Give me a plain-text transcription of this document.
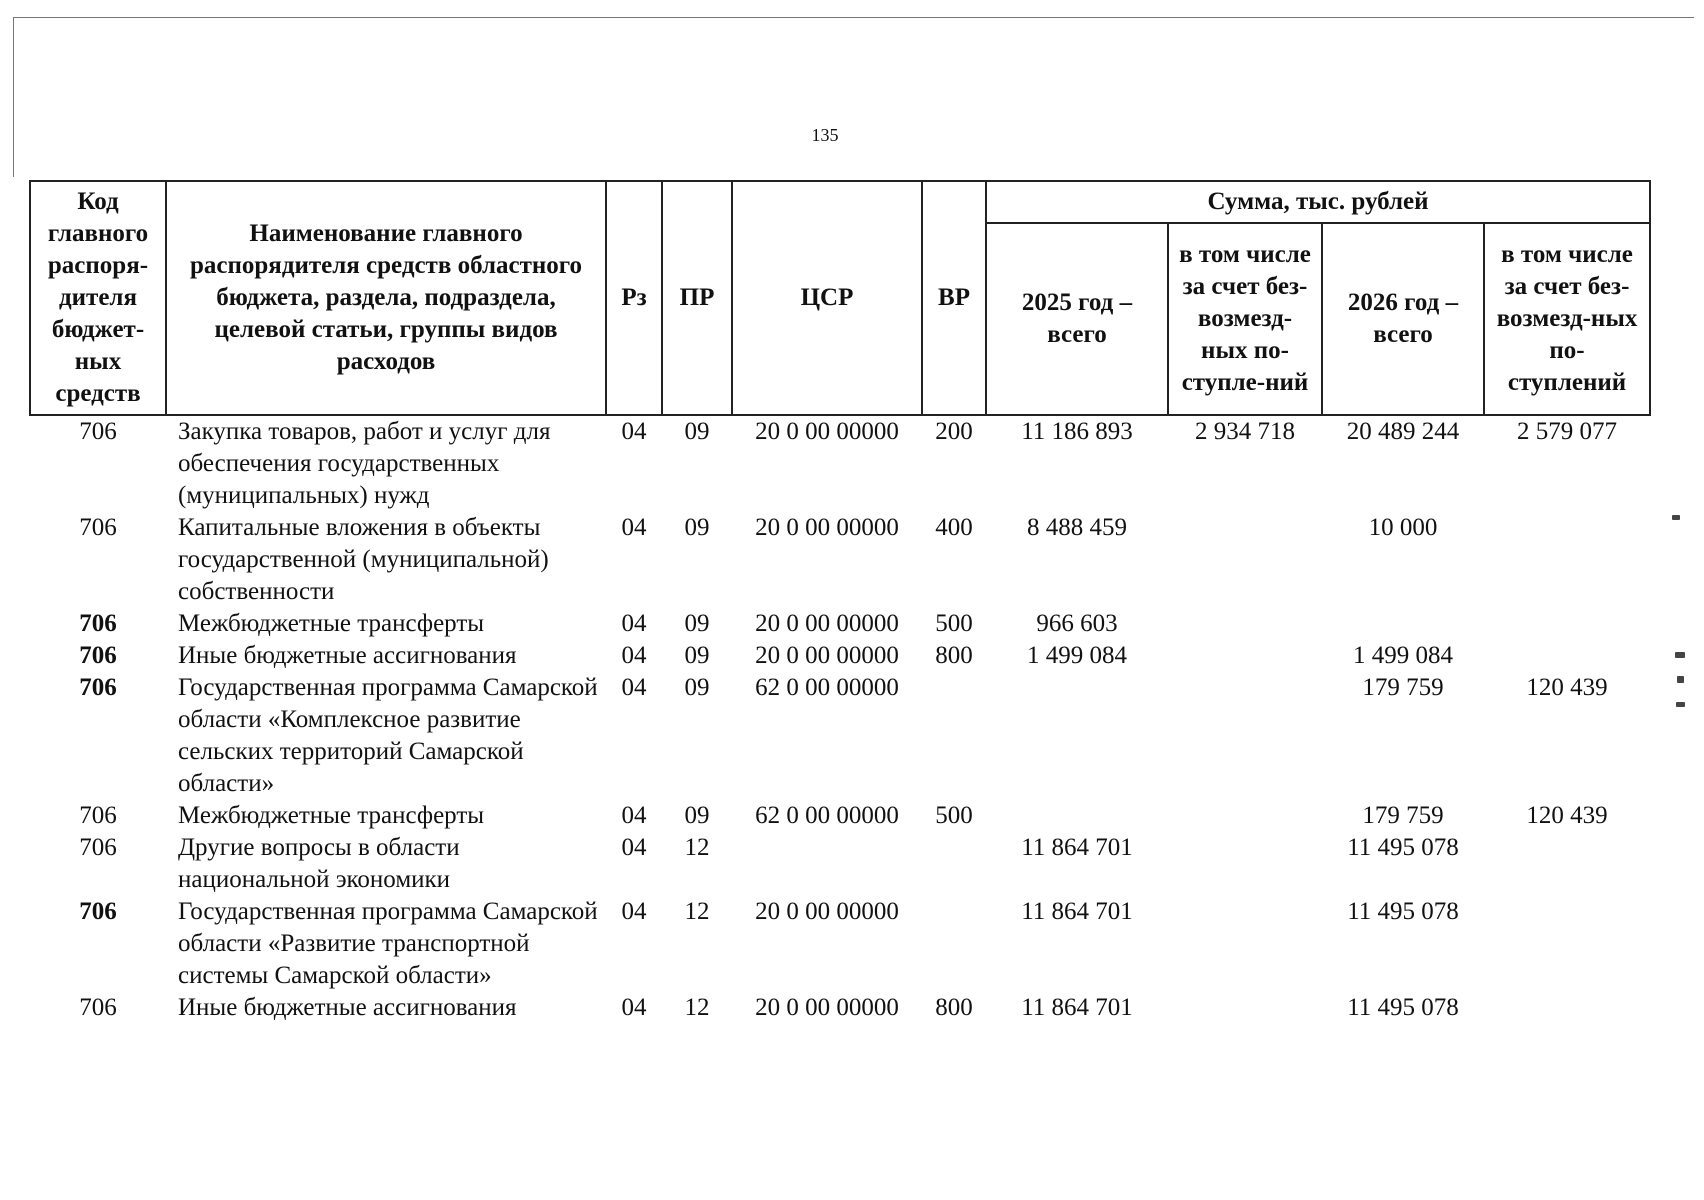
135
Код главного распоря-дителя бюджет-ных средств	Наименование главного распорядителя средств областного бюджета, раздела, подраздела, целевой статьи, группы видов расходов	Рз	ПР	ЦСР	ВР	Сумма, тыс. рублей			
						2025 год – всего	в том числе за счет без-возмезд-ных по-ступле-ний	2026 год – всего	в том числе за счет без-возмезд-ных по-ступлений
706	Закупка товаров, работ и услуг для обеспечения государственных (муниципальных) нужд	04	09	20 0 00 00000	200	11 186 893	2 934 718	20 489 244	2 579 077
706	Капитальные вложения в объекты государственной (муниципальной) собственности	04	09	20 0 00 00000	400	8 488 459		10 000	
706	Межбюджетные трансферты	04	09	20 0 00 00000	500	966 603			
706	Иные бюджетные ассигнования	04	09	20 0 00 00000	800	1 499 084		1 499 084	
706	Государственная программа Самарской области «Комплексное развитие сельских территорий Самарской области»	04	09	62 0 00 00000				179 759	120 439
706	Межбюджетные трансферты	04	09	62 0 00 00000	500			179 759	120 439
706	Другие вопросы в области национальной экономики	04	12			11 864 701		11 495 078	
706	Государственная программа Самарской области «Развитие транспортной системы Самарской области»	04	12	20 0 00 00000		11 864 701		11 495 078	
706	Иные бюджетные ассигнования	04	12	20 0 00 00000	800	11 864 701		11 495 078	
